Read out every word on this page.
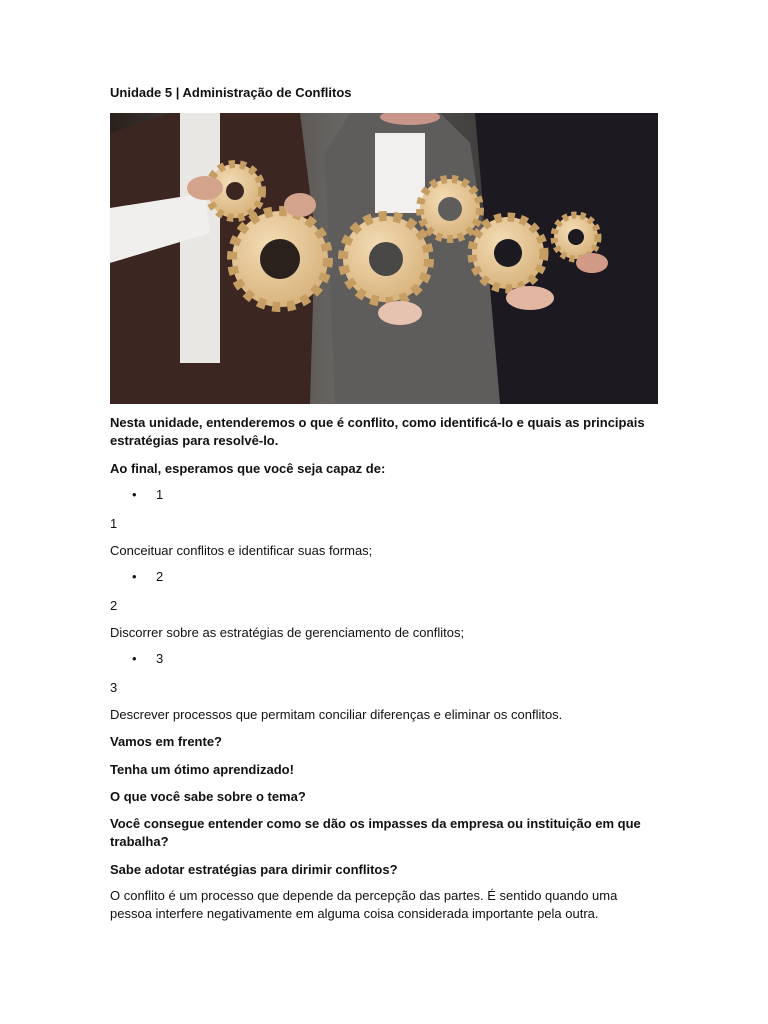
Unidade 5 | Administração de Conflitos
Nesta unidade, entenderemos o que é conflito, como identificá-lo e quais as principais estratégias para resolvê-lo.
Ao final, esperamos que você seja capaz de:
• 1
1
Conceituar conflitos e identificar suas formas;
• 2
2
Discorrer sobre as estratégias de gerenciamento de conflitos;
• 3
3
Descrever processos que permitam conciliar diferenças e eliminar os conflitos.
Vamos em frente?
Tenha um ótimo aprendizado!
O que você sabe sobre o tema?
Você consegue entender como se dão os impasses da empresa ou instituição em que trabalha?
Sabe adotar estratégias para dirimir conflitos?
O conflito é um processo que depende da percepção das partes. É sentido quando uma pessoa interfere negativamente em alguma coisa considerada importante pela outra.
